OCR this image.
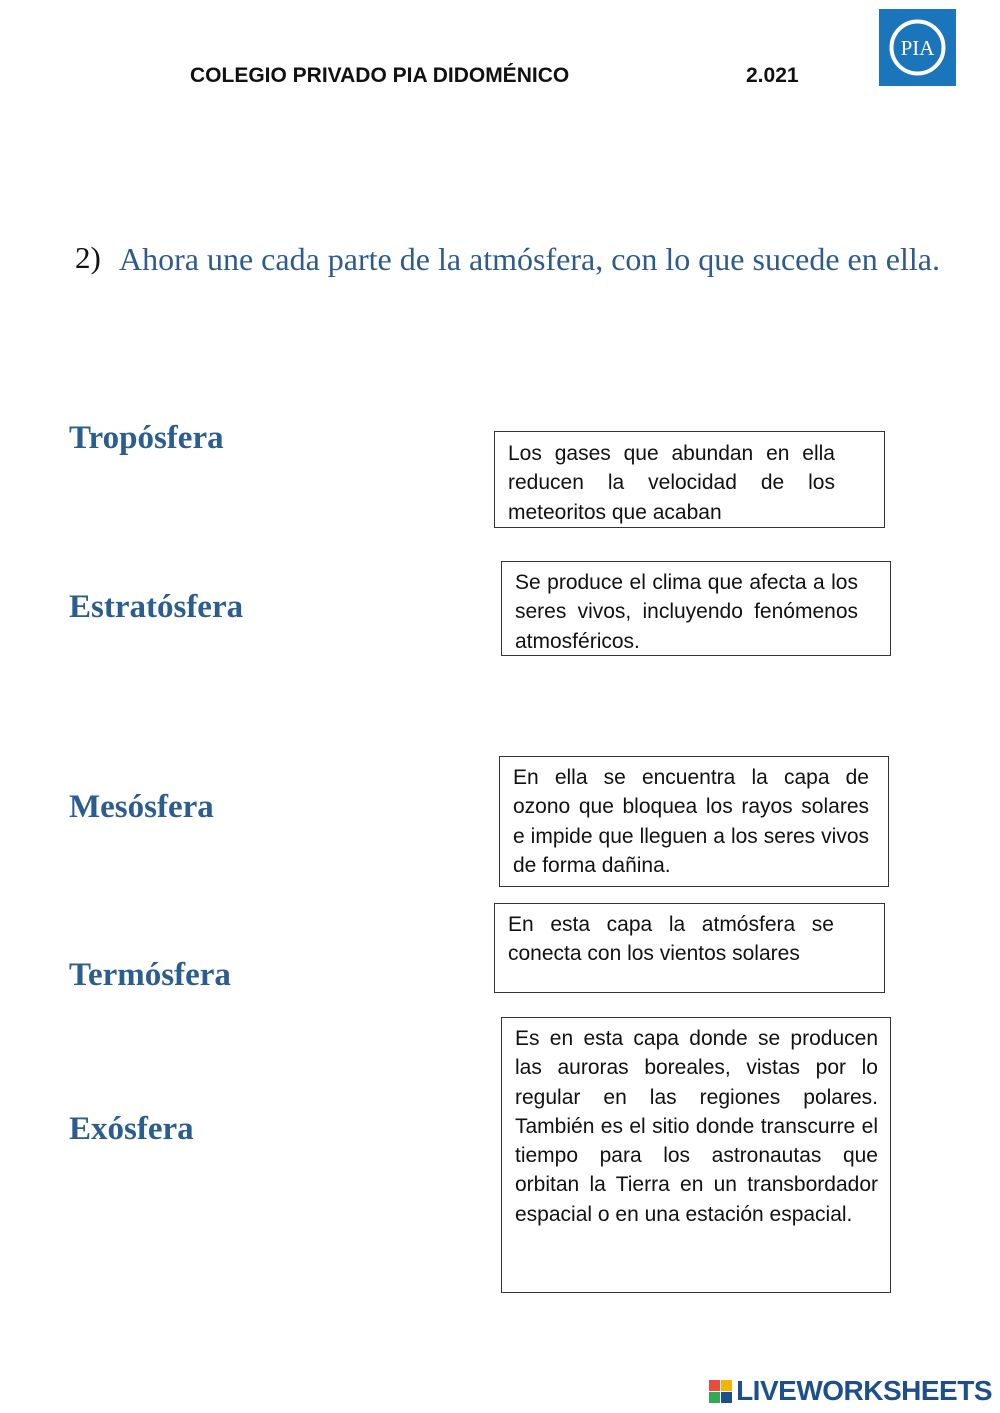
COLEGIO PRIVADO PIA DIDOMÉNICO	2.021
PIA
2) Ahora une cada parte de la atmósfera, con lo que sucede en ella.
Tropósfera
Estratósfera
Mesósfera
Termósfera
Exósfera
Los gases que abundan en ella reducen la velocidad de los meteoritos que acaban
Se produce el clima que afecta a los seres vivos, incluyendo fenómenos atmosféricos.
En ella se encuentra la capa de ozono que bloquea los rayos solares e impide que lleguen a los seres vivos de forma dañina.
En esta capa la atmósfera se conecta con los vientos solares
Es en esta capa donde se producen las auroras boreales, vistas por lo regular en las regiones polares. También es el sitio donde transcurre el tiempo para los astronautas que orbitan la Tierra en un transbordador espacial o en una estación espacial.
LIVEWORKSHEETS
